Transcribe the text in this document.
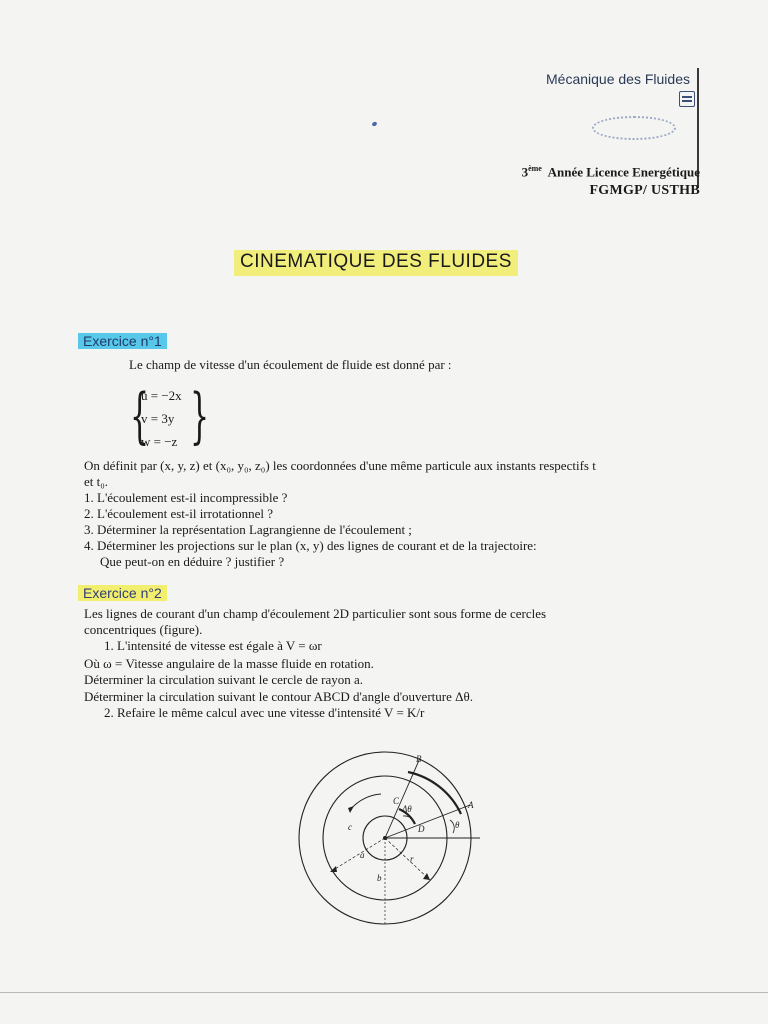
Mécanique des Fluides
3ème Année Licence Energétique
FGMGP/ USTHB
CINEMATIQUE DES FLUIDES
Exercice n°1
Le champ de vitesse d'un écoulement de fluide est donné par :
{
u = −2x
v = 3y
w = −z }
On définit par (x, y, z) et (x₀, y₀, z₀) les coordonnées d'une même particule aux instants respectifs t
et t₀.
1. L'écoulement est-il incompressible ?
2. L'écoulement est-il irrotationnel ?
3. Déterminer la représentation Lagrangienne de l'écoulement ;
4. Déterminer les projections sur le plan (x, y) des lignes de courant et de la trajectoire:
Que peut-on en déduire ? justifier ?
Exercice n°2
Les lignes de courant d'un champ d'écoulement 2D particulier sont sous forme de cercles
concentriques (figure).
1. L'intensité de vitesse est égale à V = ωr
Où ω = Vitesse angulaire de la masse fluide en rotation.
Déterminer la circulation suivant le cercle de rayon a.
Déterminer la circulation suivant le contour ABCD d'angle d'ouverture Δθ.
2. Refaire le même calcul avec une vitesse d'intensité V = K/r
B
A
C
D
a
b
r
Δθ
θ
c
